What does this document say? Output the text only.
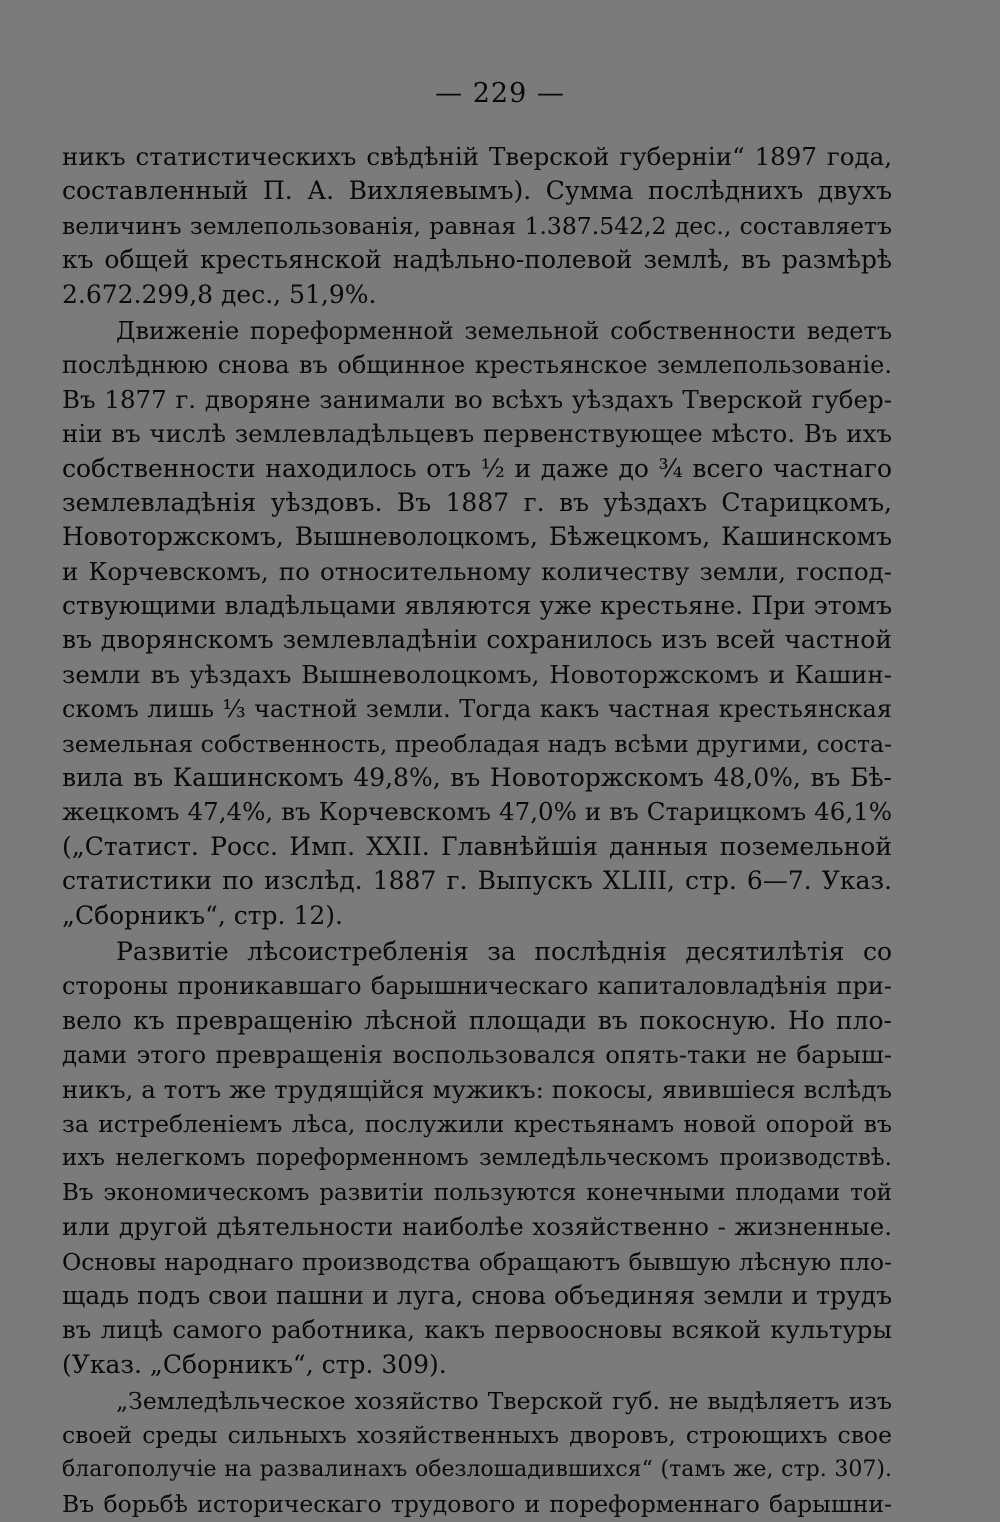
— 229 —
никъ статистическихъ свѣдѣній Тверской губерніи“ 1897 года,
составленный П. А. Вихляевымъ). Сумма послѣднихъ двухъ
величинъ землепользованія, равная 1.387.542,2 дес., составляетъ
къ общей крестьянской надѣльно-полевой землѣ, въ размѣрѣ
2.672.299,8 дес., 51,9%.
Движеніе пореформенной земельной собственности ведетъ
послѣднюю снова въ общинное крестьянское землепользованіе.
Въ 1877 г. дворяне занимали во всѣхъ уѣздахъ Тверской губер-
ніи въ числѣ землевладѣльцевъ первенствующее мѣсто. Въ ихъ
собственности находилось отъ ½ и даже до ¾ всего частнаго
землевладѣнія уѣздовъ. Въ 1887 г. въ уѣздахъ Старицкомъ,
Новоторжскомъ, Вышневолоцкомъ, Бѣжецкомъ, Кашинскомъ
и Корчевскомъ, по относительному количеству земли, господ-
ствующими владѣльцами являются уже крестьяне. При этомъ
въ дворянскомъ землевладѣніи сохранилось изъ всей частной
земли въ уѣздахъ Вышневолоцкомъ, Новоторжскомъ и Кашин-
скомъ лишь ⅓ частной земли. Тогда какъ частная крестьянская
земельная собственность, преобладая надъ всѣми другими, соста-
вила въ Кашинскомъ 49,8%, въ Новоторжскомъ 48,0%, въ Бѣ-
жецкомъ 47,4%, въ Корчевскомъ 47,0% и въ Старицкомъ 46,1%
(„Статист. Росс. Имп. XXII. Главнѣйшія данныя поземельной
статистики по изслѣд. 1887 г. Выпускъ XLIII, стр. 6—7. Указ.
„Сборникъ“, стр. 12).
Развитіе лѣсоистребленія за послѣднія десятилѣтія со
стороны проникавшаго барышническаго капиталовладѣнія при-
вело къ превращенію лѣсной площади въ покосную. Но пло-
дами этого превращенія воспользовался опять-таки не барыш-
никъ, а тотъ же трудящійся мужикъ: покосы, явившіеся вслѣдъ
за истребленіемъ лѣса, послужили крестьянамъ новой опорой въ
ихъ нелегкомъ пореформенномъ земледѣльческомъ производствѣ.
Въ экономическомъ развитіи пользуются конечными плодами той
или другой дѣятельности наиболѣе хозяйственно - жизненные.
Основы народнаго производства обращаютъ бывшую лѣсную пло-
щадь подъ свои пашни и луга, снова объединяя земли и трудъ
въ лицѣ самого работника, какъ первоосновы всякой культуры
(Указ. „Сборникъ“, стр. 309).
„Земледѣльческое хозяйство Тверской губ. не выдѣляетъ изъ
своей среды сильныхъ хозяйственныхъ дворовъ, строющихъ свое
благополучіе на развалинахъ обезлошадившихся“ (тамъ же, стр. 307).
Въ борьбѣ историческаго трудового и пореформеннаго барышни-
